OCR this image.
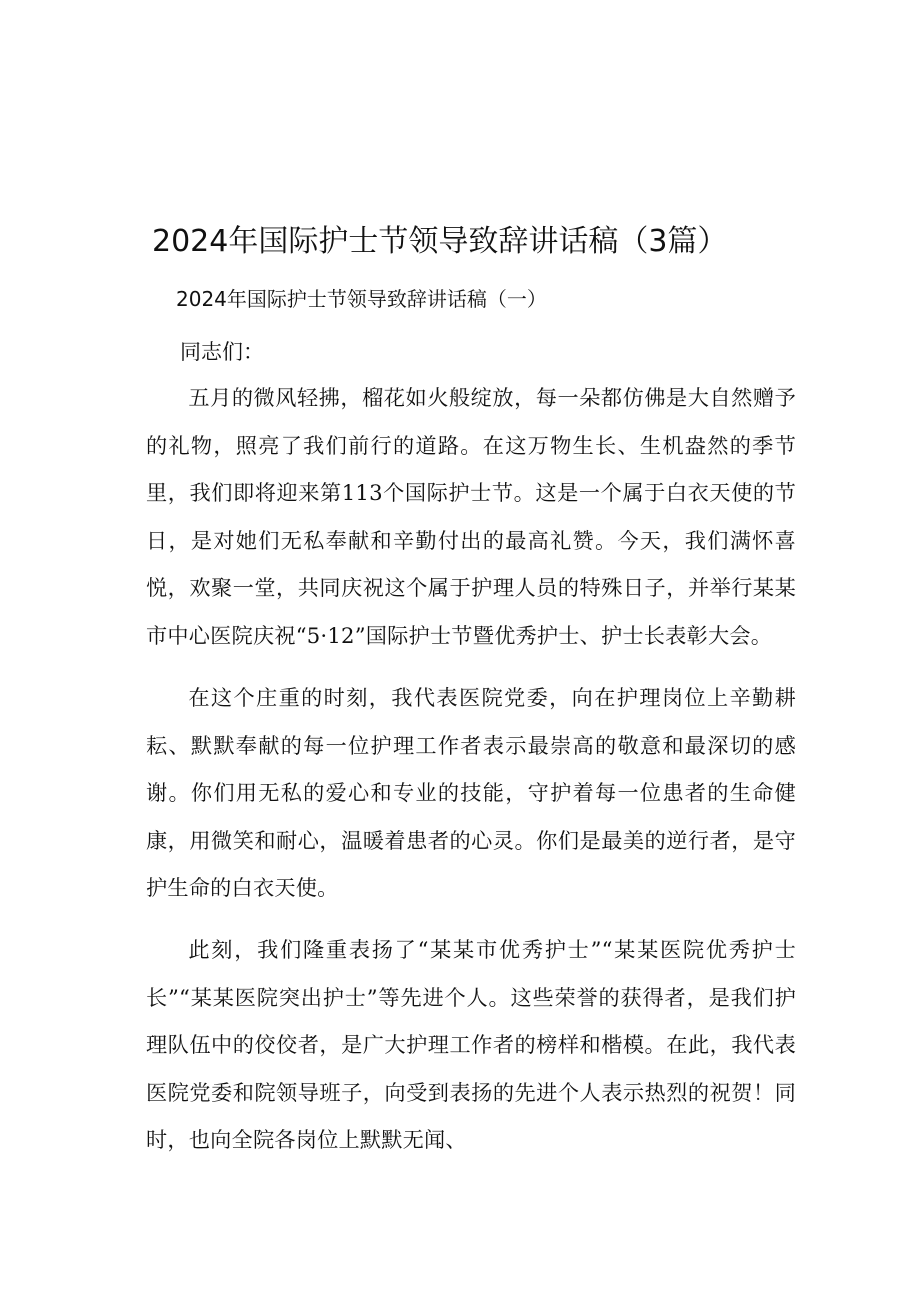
2024年国际护士节领导致辞讲话稿（3篇）
2024年国际护士节领导致辞讲话稿（一）
同志们：

五月的微风轻拂，榴花如火般绽放，每一朵都仿佛是大自然赠予的礼物，照亮了我们前行的道路。在这万物生长、生机盎然的季节里，我们即将迎来第113个国际护士节。这是一个属于白衣天使的节日，是对她们无私奉献和辛勤付出的最高礼赞。今天，我们满怀喜悦，欢聚一堂，共同庆祝这个属于护理人员的特殊日子，并举行某某市中心医院庆祝“5·12”国际护士节暨优秀护士、护士长表彰大会。

在这个庄重的时刻，我代表医院党委，向在护理岗位上辛勤耕耘、默默奉献的每一位护理工作者表示最崇高的敬意和最深切的感谢。你们用无私的爱心和专业的技能，守护着每一位患者的生命健康，用微笑和耐心，温暖着患者的心灵。你们是最美的逆行者，是守护生命的白衣天使。

此刻，我们隆重表扬了“某某市优秀护士”“某某医院优秀护士长”“某某医院突出护士”等先进个人。这些荣誉的获得者，是我们护理队伍中的佼佼者，是广大护理工作者的榜样和楷模。在此，我代表医院党委和院领导班子，向受到表扬的先进个人表示热烈的祝贺！同时，也向全院各岗位上默默无闻、
